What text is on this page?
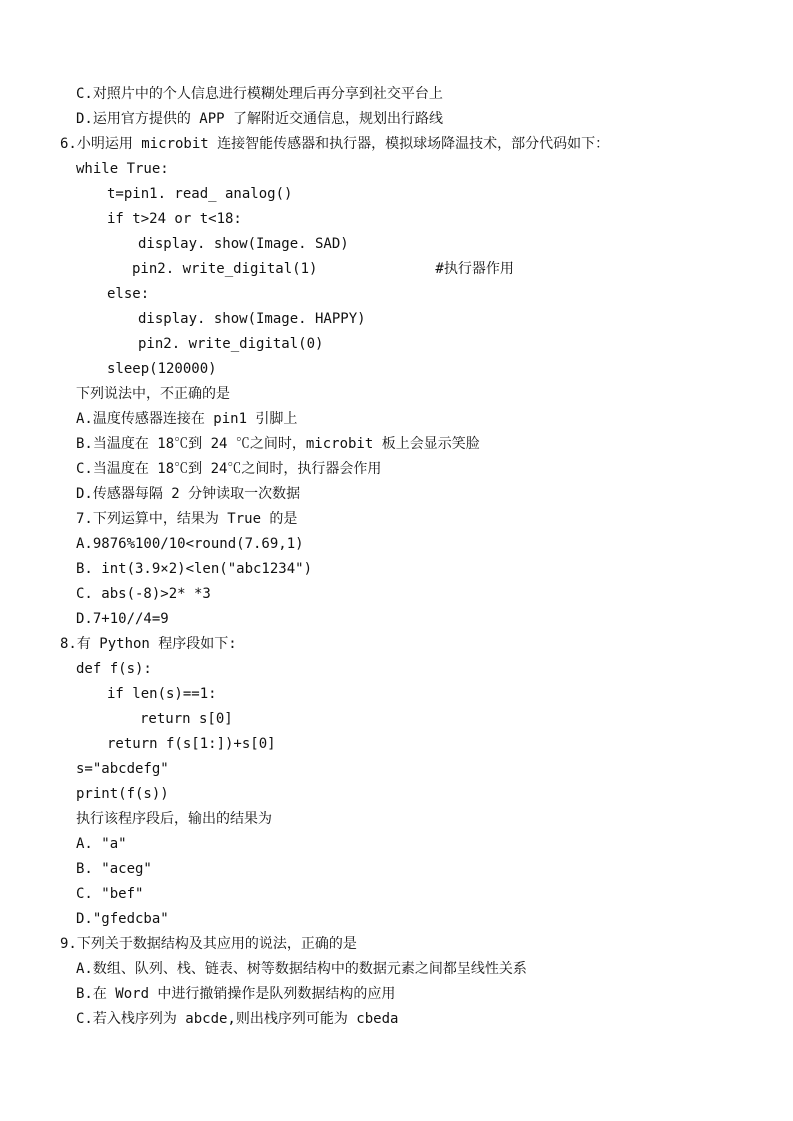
C.对照片中的个人信息进行模糊处理后再分享到社交平台上
D.运用官方提供的 APP 了解附近交通信息，规划出行路线
6.小明运用 microbit 连接智能传感器和执行器，模拟球场降温技术，部分代码如下：
while True:
t=pin1. read_ analog()
if t>24 or t<18:
display. show(Image. SAD)
pin2. write_digital(1)              #执行器作用
else:
display. show(Image. HAPPY)
pin2. write_digital(0)
sleep(120000)
下列说法中，不正确的是
A.温度传感器连接在 pin1 引脚上
B.当温度在 18℃到 24 ℃之间时，microbit 板上会显示笑脸
C.当温度在 18℃到 24℃之间时，执行器会作用
D.传感器每隔 2 分钟读取一次数据
7.下列运算中，结果为 True 的是
A.9876%100/10<round(7.69,1)
B. int(3.9×2)<len("abc1234")
C. abs(-8)>2* *3
D.7+10//4=9
8.有 Python 程序段如下:
def f(s):
if len(s)==1:
return s[0]
return f(s[1:])+s[0]
s="abcdefg"
print(f(s))
执行该程序段后，输出的结果为
A. "a"
B. "aceg"
C. "bef"
D."gfedcba"
9.下列关于数据结构及其应用的说法，正确的是
A.数组、队列、栈、链表、树等数据结构中的数据元素之间都呈线性关系
B.在 Word 中进行撤销操作是队列数据结构的应用
C.若入栈序列为 abcde,则出栈序列可能为 cbeda
